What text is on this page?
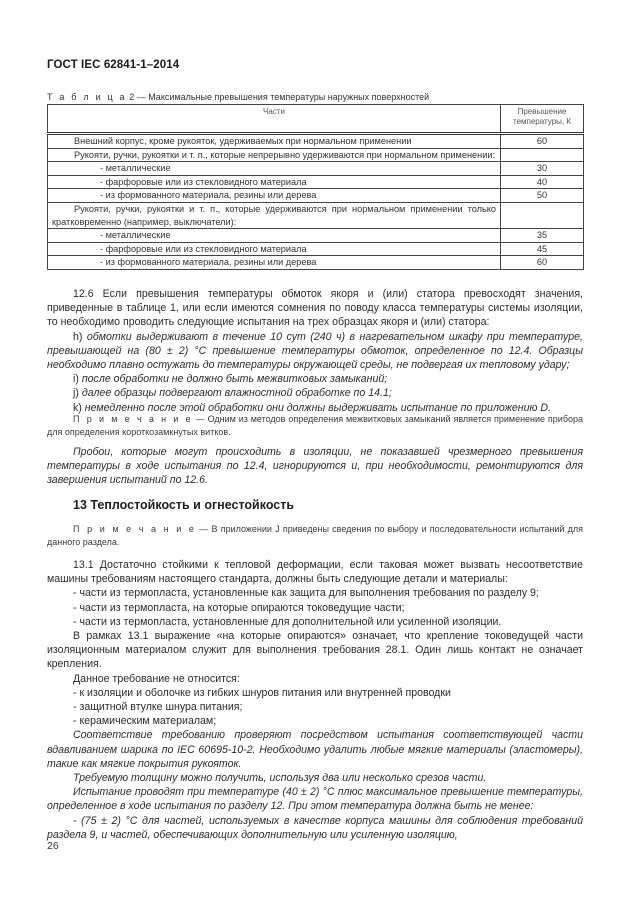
ГОСТ IEC 62841-1–2014
Т а б л и ц а 2 — Максимальные превышения температуры наружных поверхностей
Части	Превышение температуры, К
Внешний корпус, кроме рукояток, удерживаемых при нормальном применении	60
Рукояти, ручки, рукоятки и т. п., которые непрерывно удерживаются при нормальном применении:	
- металлические	30
- фарфоровые или из стекловидного материала	40
- из формованного материала, резины или дерева	50
Рукояти, ручки, рукоятки и т. п., которые удерживаются при нормальном применении только кратковременно (например, выключатели):	
- металлические	35
- фарфоровые или из стекловидного материала	45
- из формованного материала, резины или дерева	60

12.6 Если превышения температуры обмоток якоря и (или) статора превосходят значения, приведенные в таблице 1, или если имеются сомнения по поводу класса температуры системы изоляции, то необходимо проводить следующие испытания на трех образцах якоря и (или) статора:

h) обмотки выдерживают в течение 10 сут (240 ч) в нагревательном шкафу при температуре, превышающей на (80 ± 2) °С превышение температуры обмоток, определенное по 12.4. Образцы необходимо плавно остужать до температуры окружающей среды, не подвергая их тепловому удару;

i) после обработки не должно быть межвитковых замыканий;

j) далее образцы подвергают влажностной обработке по 14.1;

k) немедленно после этой обработки они должны выдерживать испытание по приложению D.

П р и м е ч а н и е — Одним из методов определения межвитковых замыканий является применение прибора для определения короткозамкнутых витков.

Пробои, которые могут происходить в изоляции, не показавшей чрезмерного превышения температуры в ходе испытания по 12.4, игнорируются и, при необходимости, ремонтируются для завершения испытаний по 12.6.

13 Теплостойкость и огнестойкость

П р и м е ч а н и е — В приложении J приведены сведения по выбору и последовательности испытаний для данного раздела.

13.1 Достаточно стойкими к тепловой деформации, если таковая может вызвать несоответствие машины требованиям настоящего стандарта, должны быть следующие детали и материалы:

- части из термопласта, установленные как защита для выполнения требования по разделу 9;

- части из термопласта, на которые опираются токоведущие части;

- части из термопласта, установленные для дополнительной или усиленной изоляции.

В рамках 13.1 выражение «на которые опираются» означает, что крепление токоведущей части изоляционным материалом служит для выполнения требования 28.1. Один лишь контакт не означает крепления.

Данное требование не относится:

- к изоляции и оболочке из гибких шнуров питания или внутренней проводки

- защитной втулке шнура питания;

- керамическим материалам;

Соответствие требованию проверяют посредством испытания соответствующей части вдавливанием шарика по IEC 60695-10-2. Необходимо удалить любые мягкие материалы (эластомеры), такие как мягкие покрытия рукояток.

Требуемую толщину можно получить, используя два или несколько срезов части.

Испытание проводят при температуре (40 ± 2) °С плюс максимальное превышение температуры, определенное в ходе испытания по разделу 12. При этом температура должна быть не менее:

- (75 ± 2) °С для частей, используемых в качестве корпуса машины для соблюдения требований раздела 9, и частей, обеспечивающих дополнительную или усиленную изоляцию,

26
